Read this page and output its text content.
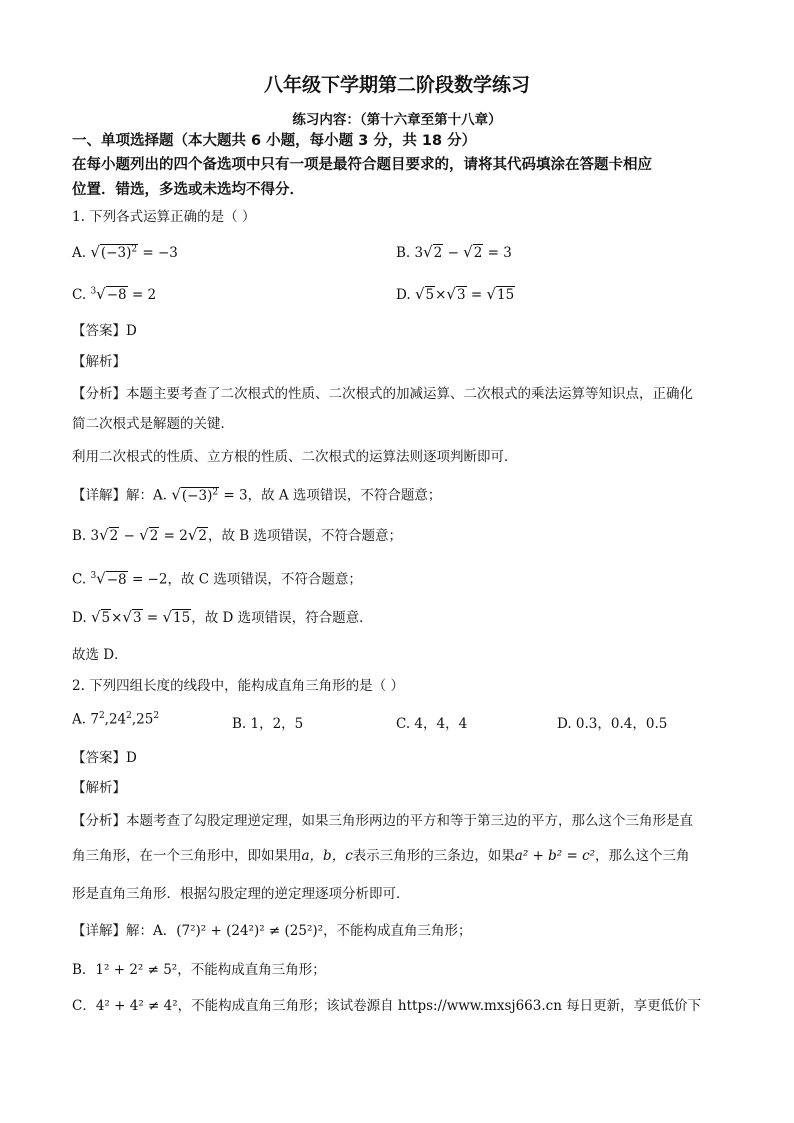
八年级下学期第二阶段数学练习
练习内容：（第十六章至第十八章）
一、单项选择题（本大题共 6 小题，每小题 3 分，共 18 分）
在每小题列出的四个备选项中只有一项是最符合题目要求的，请将其代码填涂在答题卡相应
位置．错选，多选或未选均不得分．
1. 下列各式运算正确的是（ ）
A. $√(-3)^2 = -3$	B. 3√2 − √2 = 3
C. $^3$√−8 = 2	D. √5×√3 = √15
【答案】D
【解析】
【分析】本题主要考查了二次根式的性质、二次根式的加减运算、二次根式的乘法运算等知识点，正确化
简二次根式是解题的关键．
利用二次根式的性质、立方根的性质、二次根式的运算法则逐项判断即可．
【详解】解：A. $√(-3)^2 = 3$，故 A 选项错误，不符合题意；
B. 3√2 − √2 = 2√2，故 B 选项错误，不符合题意；
C. $^3$√−8 = −2，故 C 选项错误，不符合题意；
D. √5×√3 = √15，故 D 选项错误，符合题意．
故选 D．
2. 下列四组长度的线段中，能构成直角三角形的是（ ）
A. $7^2,24^2,25^2$	B. 1，2，5	C. 4，4，4	D. 0.3，0.4，0.5
【答案】D
【解析】
【分析】本题考查了勾股定理逆定理，如果三角形两边的平方和等于第三边的平方，那么这个三角形是直
角三角形，在一个三角形中，即如果用a，b，c表示三角形的三条边，如果a² + b² = c²，那么这个三角
形是直角三角形．根据勾股定理的逆定理逐项分析即可．
【详解】解：A．(7²)² + (24²)² ≠ (25²)²，不能构成直角三角形；
B．1² + 2² ≠ 5²，不能构成直角三角形；
C．4² + 4² ≠ 4²，不能构成直角三角形；该试卷源自 https://www.mxsj663.cn 每日更新，享更低价下
